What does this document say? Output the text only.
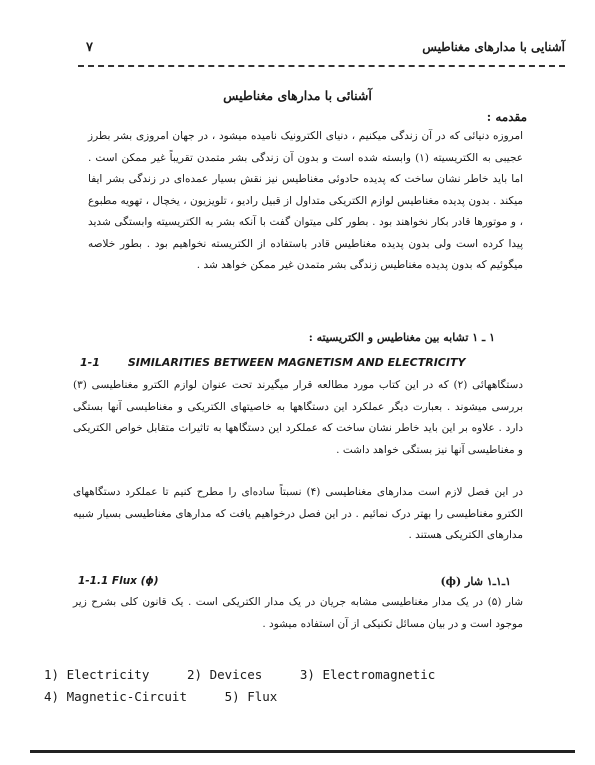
آشنایی با مدارهای مغناطیس
۷
آشنائی با مدارهای مغناطیس
مقدمه :
امروزه دنیائی که در آن زندگی میکنیم ، دنیای الکترونیک نامیده میشود ، در جهان امروزی بشر بطرز عجیبی به الکتریسیته (۱) وابسته شده است و بدون آن زندگی بشر متمدن تقریباً غیر ممکن است . اما باید خاطر نشان ساخت که پدیده حادوئی مغناطیس نیز نقش بسیار عمده‌ای در زندگی بشر ایفا میکند . بدون پدیده مغناطیس لوازم الکتریکی متداول از قبیل رادیو ، تلویزیون ، یخچال ، تهویه مطبوع ، و موتورها قادر بکار نخواهند بود . بطور کلی میتوان گفت با آنکه بشر به الکتریسیته وابستگی شدید پیدا کرده است ولی بدون پدیده مغناطیس قادر باستفاده از الکتریسته نخواهیم بود . بطور خلاصه میگوئیم که بدون پدیده مغناطیس زندگی بشر متمدن غیر ممکن خواهد شد .
۱ ـ ۱ تشابه بین مغناطیس و الکتریسیته :
1-1	SIMILARITIES BETWEEN MAGNETISM AND ELECTRICITY
دستگاههائی (۲) که در این کتاب مورد مطالعه قرار میگیرند تحت عنوان لوازم الکترو مغناطیسی (۳) بررسی میشوند . بعبارت دیگر عملکرد این دستگاهها به خاصیتهای الکتریکی و مغناطیسی آنها بستگی دارد . علاوه بر این باید خاطر نشان ساخت که عملکرد این دستگاهها به تاثیرات متقابل خواص الکتریکی و مغناطیسی آنها نیز بستگی خواهد داشت .
در این فصل لازم است مدارهای مغناطیسی (۴) نسبتاً ساده‌ای را مطرح کنیم تا عملکرد دستگاههای الکترو مغناطیسی را بهتر درک نمائیم . در این فصل درخواهیم یافت که مدارهای مغناطیسی بسیار شبیه مدارهای الکتریکی هستند .
1-1.1 Flux (ϕ)	۱ـ۱ـ۱ شار (ϕ)
شار (۵) در یک مدار مغناطیسی مشابه جریان در یک مدار الکتریکی است . یک قانون کلی بشرح زیر موجود است و در بیان مسائل تکنیکی از آن استفاده میشود .
1) Electricity     2) Devices     3) Electromagnetic
4) Magnetic-Circuit     5) Flux
